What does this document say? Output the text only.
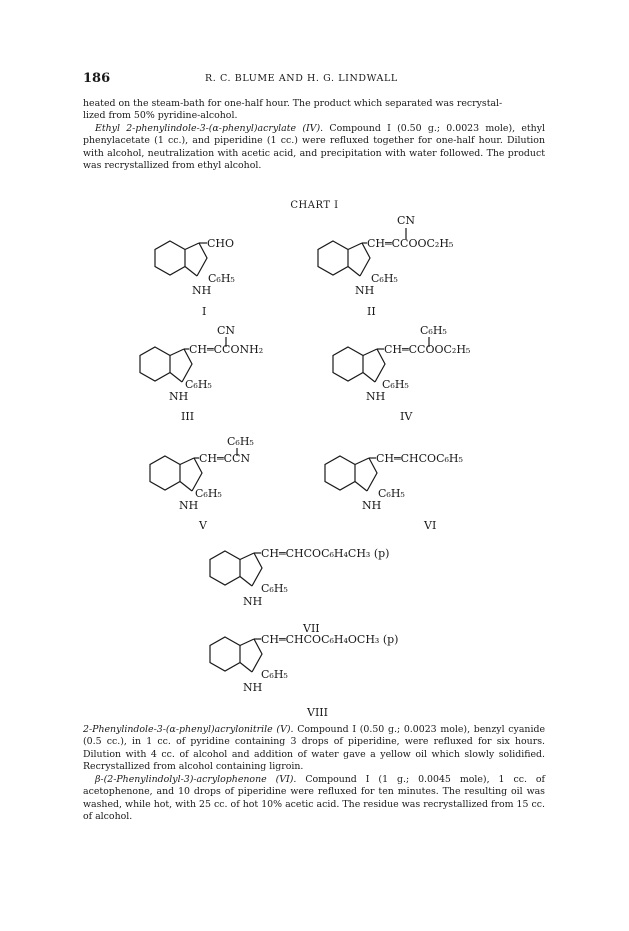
186	R. C. BLUME AND H. G. LINDWALL

heated on the steam-bath for one-half hour. The product which separated was recrystal-
lized from 50% pyridine-alcohol.

Ethyl 2-phenylindole-3-(α-phenyl)acrylate (IV). Compound I (0.50 g.; 0.0023 mole), ethyl phenylacetate (1 cc.), and piperidine (1 cc.) were refluxed together for one-half hour. Dilution with alcohol, neutralization with acetic acid, and precipitation with water followed. The product was recrystallized from ethyl alcohol.

CHART I
CHO
C₆H₅
NH
I
CN
CH═CCOOC₂H₅
C₆H₅
NH
II
CN
CH═CCONH₂
C₆H₅
NH
III
C₆H₅
CH═CCOOC₂H₅
C₆H₅
NH
IV
C₆H₅
CH═CCN
C₆H₅
NH
V
CH═CHCOC₆H₅
C₆H₅
NH
VI
CH═CHCOC₆H₄CH₃ (p)
C₆H₅
NH
VII
CH═CHCOC₆H₄OCH₃ (p)
C₆H₅
NH
VIII

2-Phenylindole-3-(α-phenyl)acrylonitrile (V). Compound I (0.50 g.; 0.0023 mole), benzyl cyanide (0.5 cc.), in 1 cc. of pyridine containing 3 drops of piperidine, were refluxed for six hours. Dilution with 4 cc. of alcohol and addition of water gave a yellow oil which slowly solidified. Recrystallized from alcohol containing ligroin.

β-(2-Phenylindolyl-3)-acrylophenone (VI). Compound I (1 g.; 0.0045 mole), 1 cc. of acetophenone, and 10 drops of piperidine were refluxed for ten minutes. The resulting oil was washed, while hot, with 25 cc. of hot 10% acetic acid. The residue was recrystallized from 15 cc. of alcohol.
